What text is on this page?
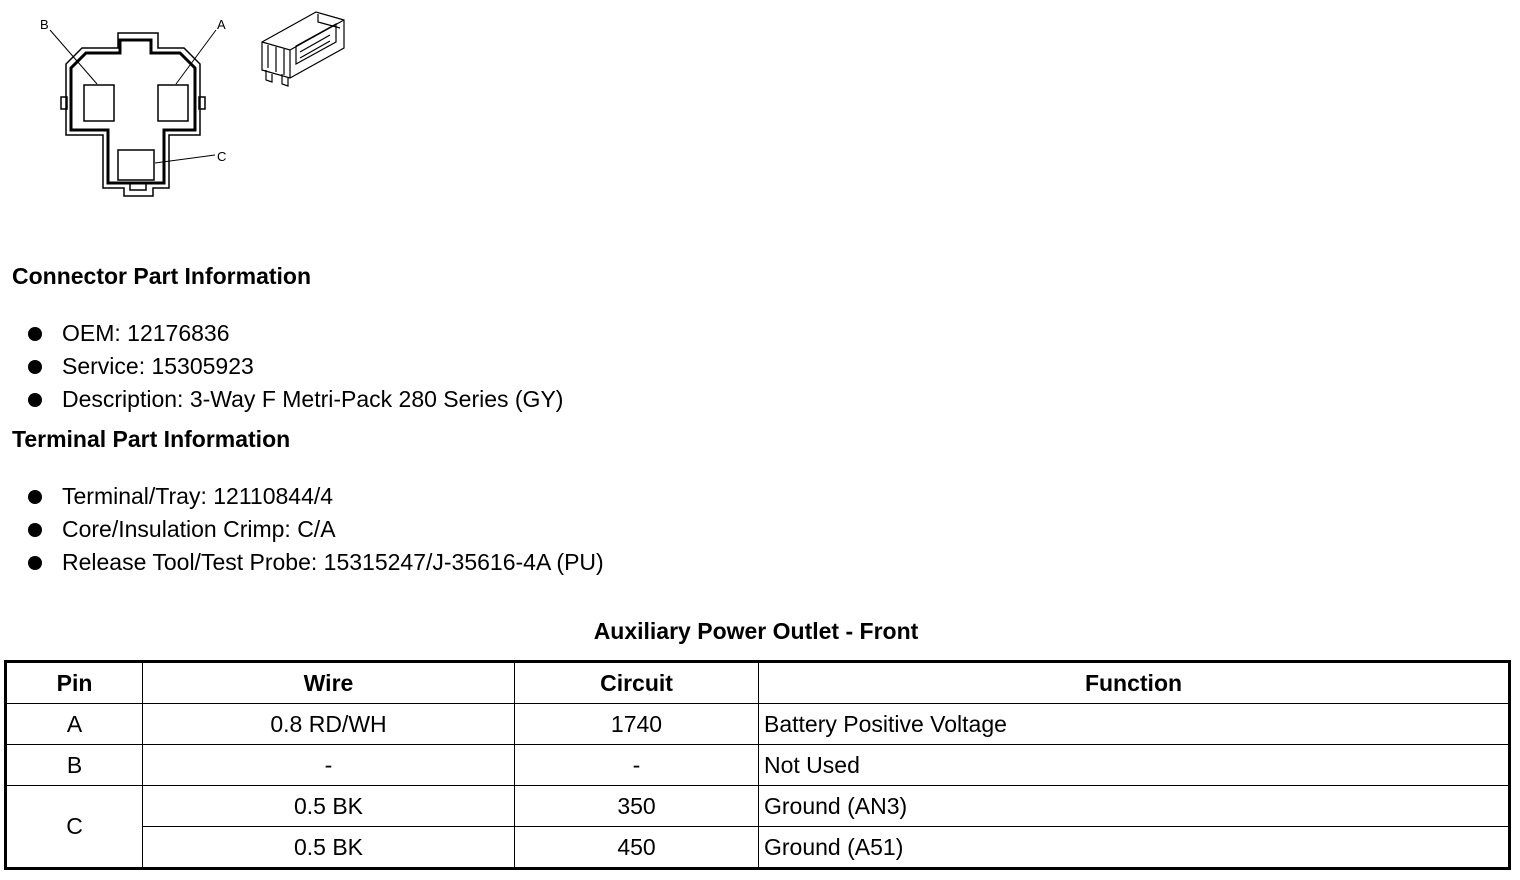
B	A
C
Connector Part Information
OEM: 12176836
Service: 15305923
Description: 3-Way F Metri-Pack 280 Series (GY)
Terminal Part Information
Terminal/Tray: 12110844/4
Core/Insulation Crimp: C/A
Release Tool/Test Probe: 15315247/J-35616-4A (PU)
Auxiliary Power Outlet - Front
Pin	Wire	Circuit	Function
A	0.8 RD/WH	1740	Battery Positive Voltage
B	-	-	Not Used
C	0.5 BK	350	Ground (AN3)
	0.5 BK	450	Ground (A51)
